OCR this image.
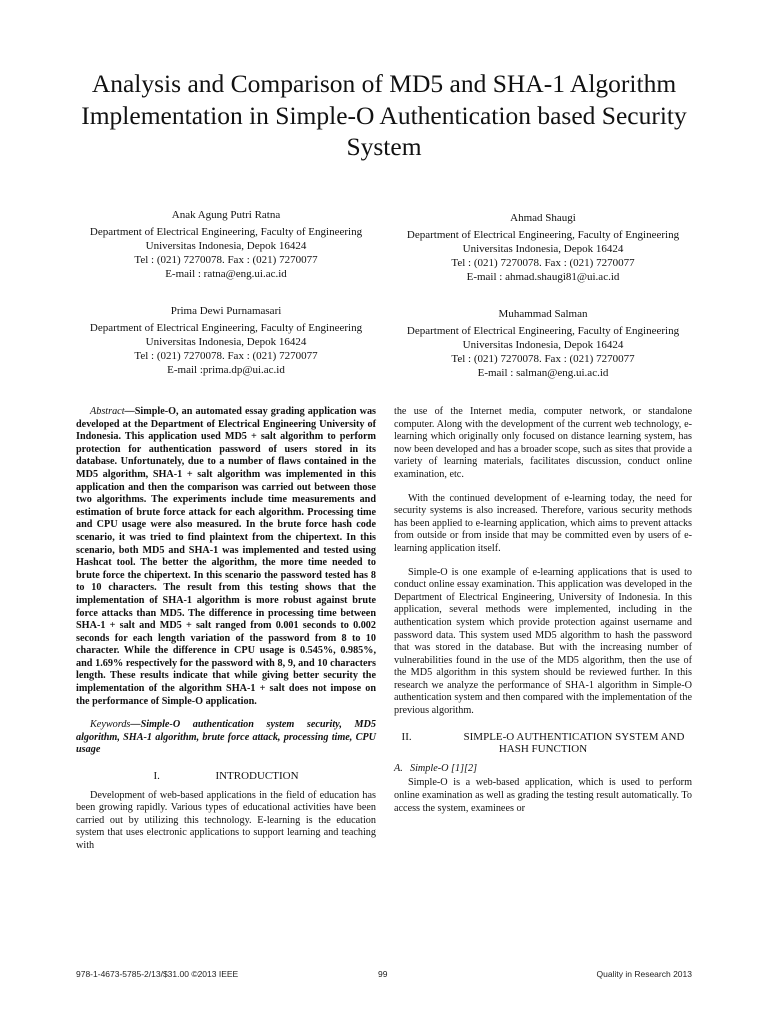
Analysis and Comparison of MD5 and SHA-1 Algorithm Implementation in Simple-O Authentication based Security System
Anak Agung Putri Ratna
Department of Electrical Engineering, Faculty of Engineering
Universitas Indonesia, Depok 16424
Tel : (021) 7270078. Fax : (021) 7270077
E-mail : ratna@eng.ui.ac.id
Ahmad Shaugi
Department of Electrical Engineering, Faculty of Engineering
Universitas Indonesia, Depok 16424
Tel : (021) 7270078. Fax : (021) 7270077
E-mail : ahmad.shaugi81@ui.ac.id
Prima Dewi Purnamasari
Department of Electrical Engineering, Faculty of Engineering
Universitas Indonesia, Depok 16424
Tel : (021) 7270078. Fax : (021) 7270077
E-mail :prima.dp@ui.ac.id
Muhammad Salman
Department of Electrical Engineering, Faculty of Engineering
Universitas Indonesia, Depok 16424
Tel : (021) 7270078. Fax : (021) 7270077
E-mail : salman@eng.ui.ac.id

Abstract—Simple-O, an automated essay grading application was developed at the Department of Electrical Engineering University of Indonesia. This application used MD5 + salt algorithm to perform protection for authentication password of users stored in its database. Unfortunately, due to a number of flaws contained in the MD5 algorithm, SHA-1 + salt algorithm was implemented in this application and then the comparison was carried out between those two algorithms. The experiments include time measurements and estimation of brute force attack for each algorithm. Processing time and CPU usage were also measured. In the brute force hash code scenario, it was tried to find plaintext from the chipertext. In this scenario, both MD5 and SHA-1 was implemented and tested using Hashcat tool. The better the algorithm, the more time needed to brute force the chipertext. In this scenario the password tested has 8 to 10 characters. The result from this testing shows that the implementation of SHA-1 algorithm is more robust against brute force attacks than MD5. The difference in processing time between SHA-1 + salt and MD5 + salt ranged from 0.001 seconds to 0.002 seconds for each length variation of the password from 8 to 10 character. While the difference in CPU usage is 0.545%, 0.985%, and 1.69% respectively for the password with 8, 9, and 10 characters length. These results indicate that while giving better security the implementation of the algorithm SHA-1 + salt does not impose on the performance of Simple-O application.

Keywords—Simple-O authentication system security, MD5 algorithm, SHA-1 algorithm, brute force attack, processing time, CPU usage

I.	INTRODUCTION

Development of web-based applications in the field of education has been growing rapidly. Various types of educational activities have been carried out by utilizing this technology. E-learning is the education system that uses electronic applications to support learning and teaching with

the use of the Internet media, computer network, or standalone computer. Along with the development of the current web technology, e-learning which originally only focused on distance learning system, has now been developed and has a broader scope, such as sites that provide a variety of learning materials, facilitates discussion, conduct online examination, etc.

With the continued development of e-learning today, the need for security systems is also increased. Therefore, various security methods has been applied to e-learning application, which aims to prevent attacks from outside or from inside that may be committed even by users of e-learning application itself.

Simple-O is one example of e-learning applications that is used to conduct online essay examination. This application was developed in the Department of Electrical Engineering, University of Indonesia. In this application, several methods were implemented, including in the authentication system which provide protection against username and password data. This system used MD5 algorithm to hash the password that was stored in the database. But with the increasing number of vulnerabilities found in the use of the MD5 algorithm, then the use of the MD5 algorithm in this system should be reviewed further. In this research we analyze the performance of SHA-1 algorithm in Simple-O authentication system and then compared with the implementation of the previous algorithm.

II.	SIMPLE-O AUTHENTICATION SYSTEM AND
HASH FUNCTION

A. Simple-O [1][2]

Simple-O is a web-based application, which is used to perform online examination as well as grading the testing result automatically. To access the system, examinees or

978-1-4673-5785-2/13/$31.00 ©2013 IEEE	99	Quality in Research 2013
